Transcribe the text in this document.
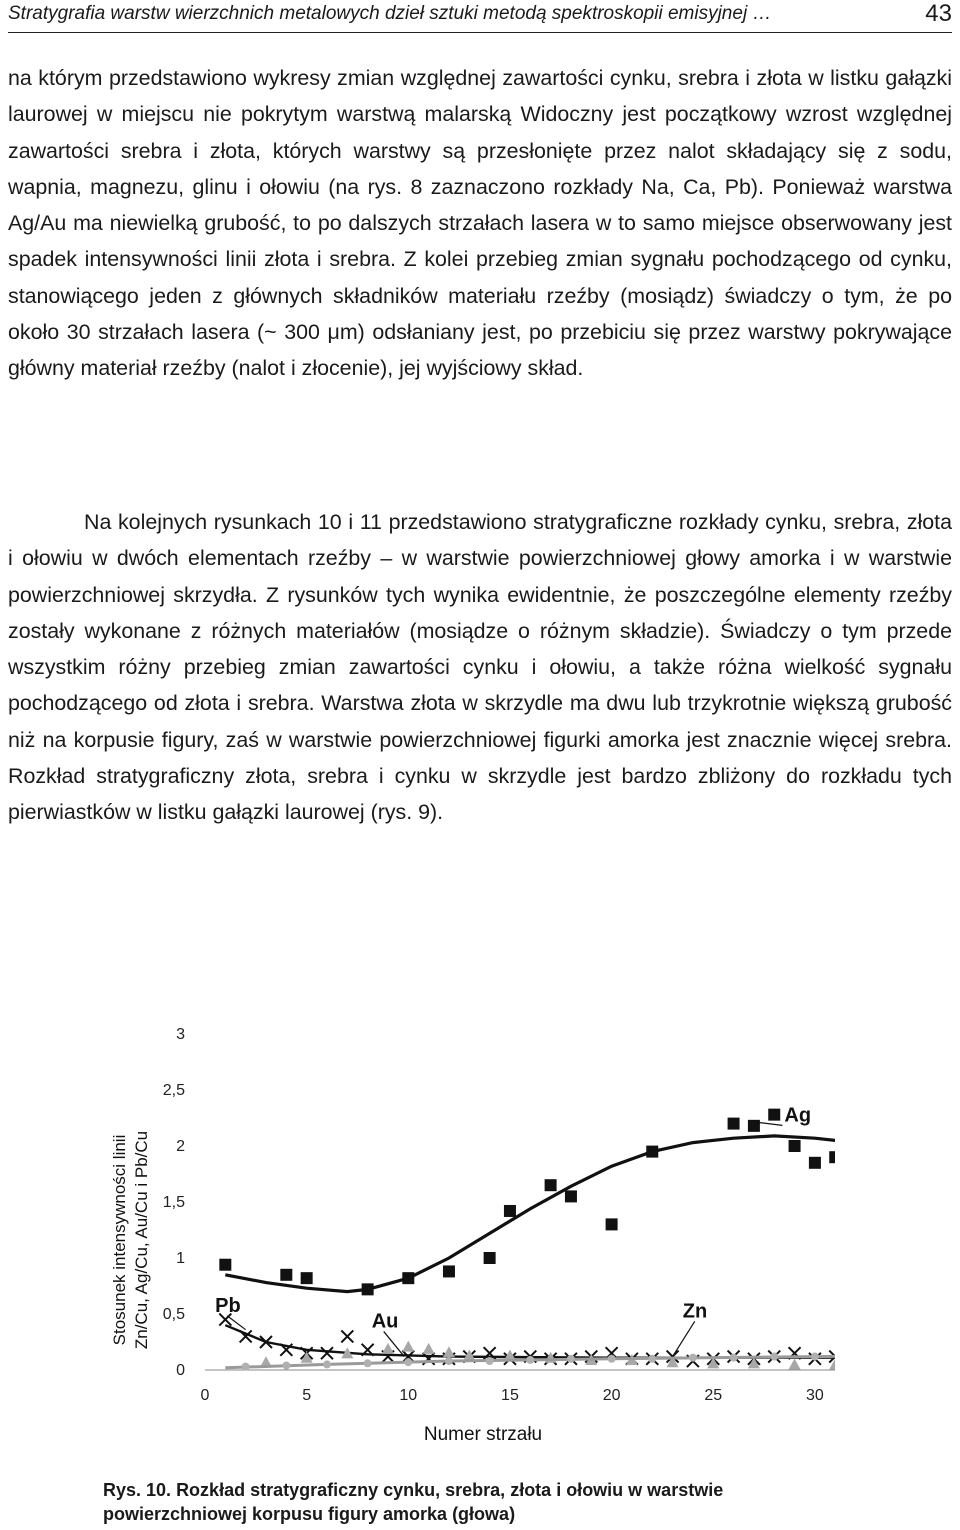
Stratygrafia warstw wierzchnich metalowych dzieł sztuki metodą spektroskopii emisyjnej …	43
na którym przedstawiono wykresy zmian względnej zawartości cynku, srebra i złota w listku gałązki laurowej w miejscu nie pokrytym warstwą malarską Widoczny jest początkowy wzrost względnej zawartości srebra i złota, których warstwy są przesłonięte przez nalot składający się z sodu, wapnia, magnezu, glinu i ołowiu (na rys. 8 zaznaczono rozkłady Na, Ca, Pb). Ponieważ warstwa Ag/Au ma niewielką grubość, to po dalszych strzałach lasera w to samo miejsce obserwowany jest spadek intensywności linii złota i srebra. Z kolei przebieg zmian sygnału pochodzącego od cynku, stanowiącego jeden z głównych składników materiału rzeźby (mosiądz) świadczy o tym, że po około 30 strzałach lasera (~ 300 μm) odsłaniany jest, po przebiciu się przez warstwy pokrywające główny materiał rzeźby (nalot i złocenie), jej wyjściowy skład.
Na kolejnych rysunkach 10 i 11 przedstawiono stratygraficzne rozkłady cynku, srebra, złota i ołowiu w dwóch elementach rzeźby – w warstwie powierzchniowej głowy amorka i w warstwie powierzchniowej skrzydła. Z rysunków tych wynika ewidentnie, że poszczególne elementy rzeźby zostały wykonane z różnych materiałów (mosiądze o różnym składzie). Świadczy o tym przede wszystkim różny przebieg zmian zawartości cynku i ołowiu, a także różna wielkość sygnału pochodzącego od złota i srebra. Warstwa złota w skrzydle ma dwu lub trzykrotnie większą grubość niż na korpusie figury, zaś w warstwie powierzchniowej figurki amorka jest znacznie więcej srebra. Rozkład stratygraficzny złota, srebra i cynku w skrzydle jest bardzo zbliżony do rozkładu tych pierwiastków w listku gałązki laurowej (rys. 9).
Stosunek intensywności linii Zn/Cu, Ag/Cu, Au/Cu i Pb/Cu
Numer strzału
0	5	10	15	20	25	30
0
0,5
1
1,5
2
2,5
3
Ag
Pb
Au	Zn
Rys. 10. Rozkład stratygraficzny cynku, srebra, złota i ołowiu w warstwie powierzchniowej korpusu figury amorka (głowa)
